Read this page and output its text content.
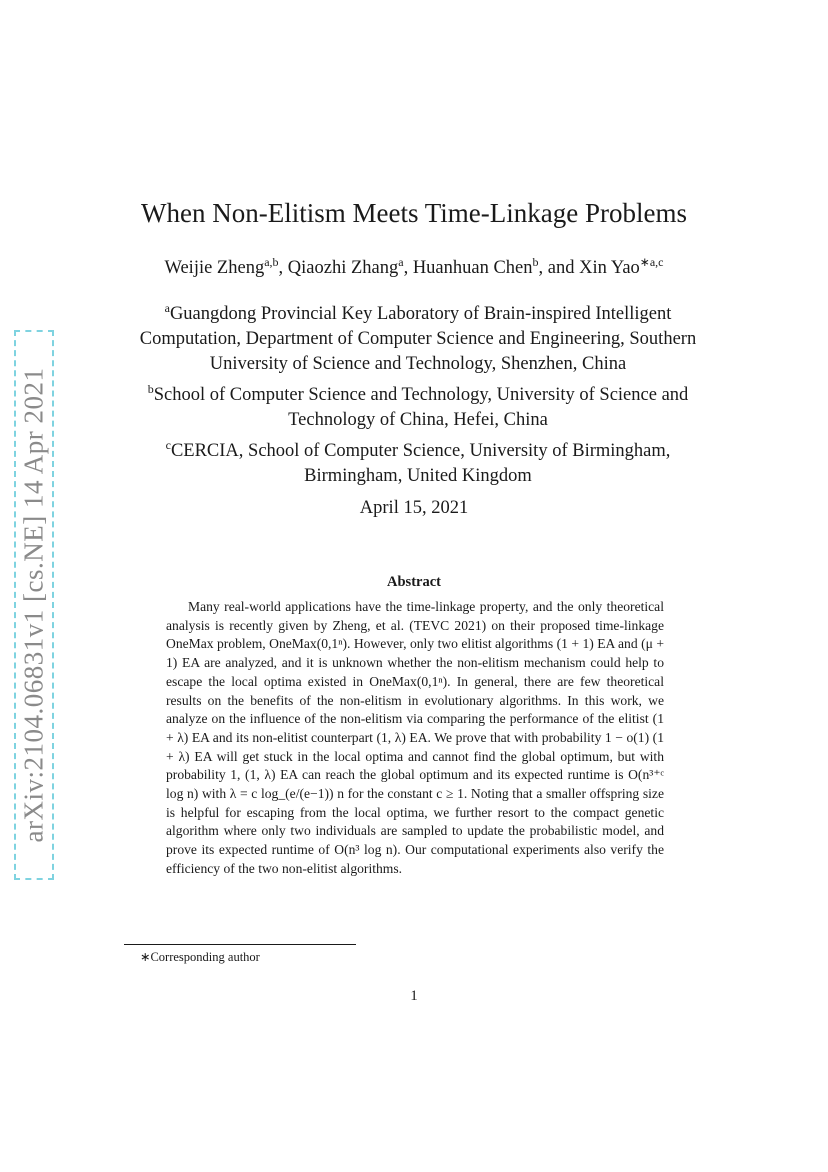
arXiv:2104.06831v1 [cs.NE] 14 Apr 2021
When Non-Elitism Meets Time-Linkage Problems
Weijie Zheng$^{a,b}$, Qiaozhi Zhang$^a$, Huanhuan Chen$^b$, and Xin Yao$^{∗a,c}$
$^a$Guangdong Provincial Key Laboratory of Brain-inspired Intelligent Computation, Department of Computer Science and Engineering, Southern University of Science and Technology, Shenzhen, China
$^b$School of Computer Science and Technology, University of Science and Technology of China, Hefei, China
$^c$CERCIA, School of Computer Science, University of Birmingham, Birmingham, United Kingdom
April 15, 2021
Abstract
Many real-world applications have the time-linkage property, and the only theoretical analysis is recently given by Zheng, et al. (TEVC 2021) on their proposed time-linkage OneMax problem, OneMax(0,1ⁿ). However, only two elitist algorithms (1 + 1) EA and (μ + 1) EA are analyzed, and it is unknown whether the non-elitism mechanism could help to escape the local optima existed in OneMax(0,1ⁿ). In general, there are few theoretical results on the benefits of the non-elitism in evolutionary algorithms. In this work, we analyze on the influence of the non-elitism via comparing the performance of the elitist (1 + λ) EA and its non-elitist counterpart (1, λ) EA. We prove that with probability 1 − o(1) (1 + λ) EA will get stuck in the local optima and cannot find the global optimum, but with probability 1, (1, λ) EA can reach the global optimum and its expected runtime is O(n³⁺ᶜ log n) with λ = c log_(e/(e−1)) n for the constant c ≥ 1. Noting that a smaller offspring size is helpful for escaping from the local optima, we further resort to the compact genetic algorithm where only two individuals are sampled to update the probabilistic model, and prove its expected runtime of O(n³ log n). Our computational experiments also verify the efficiency of the two non-elitist algorithms.
∗Corresponding author
1
